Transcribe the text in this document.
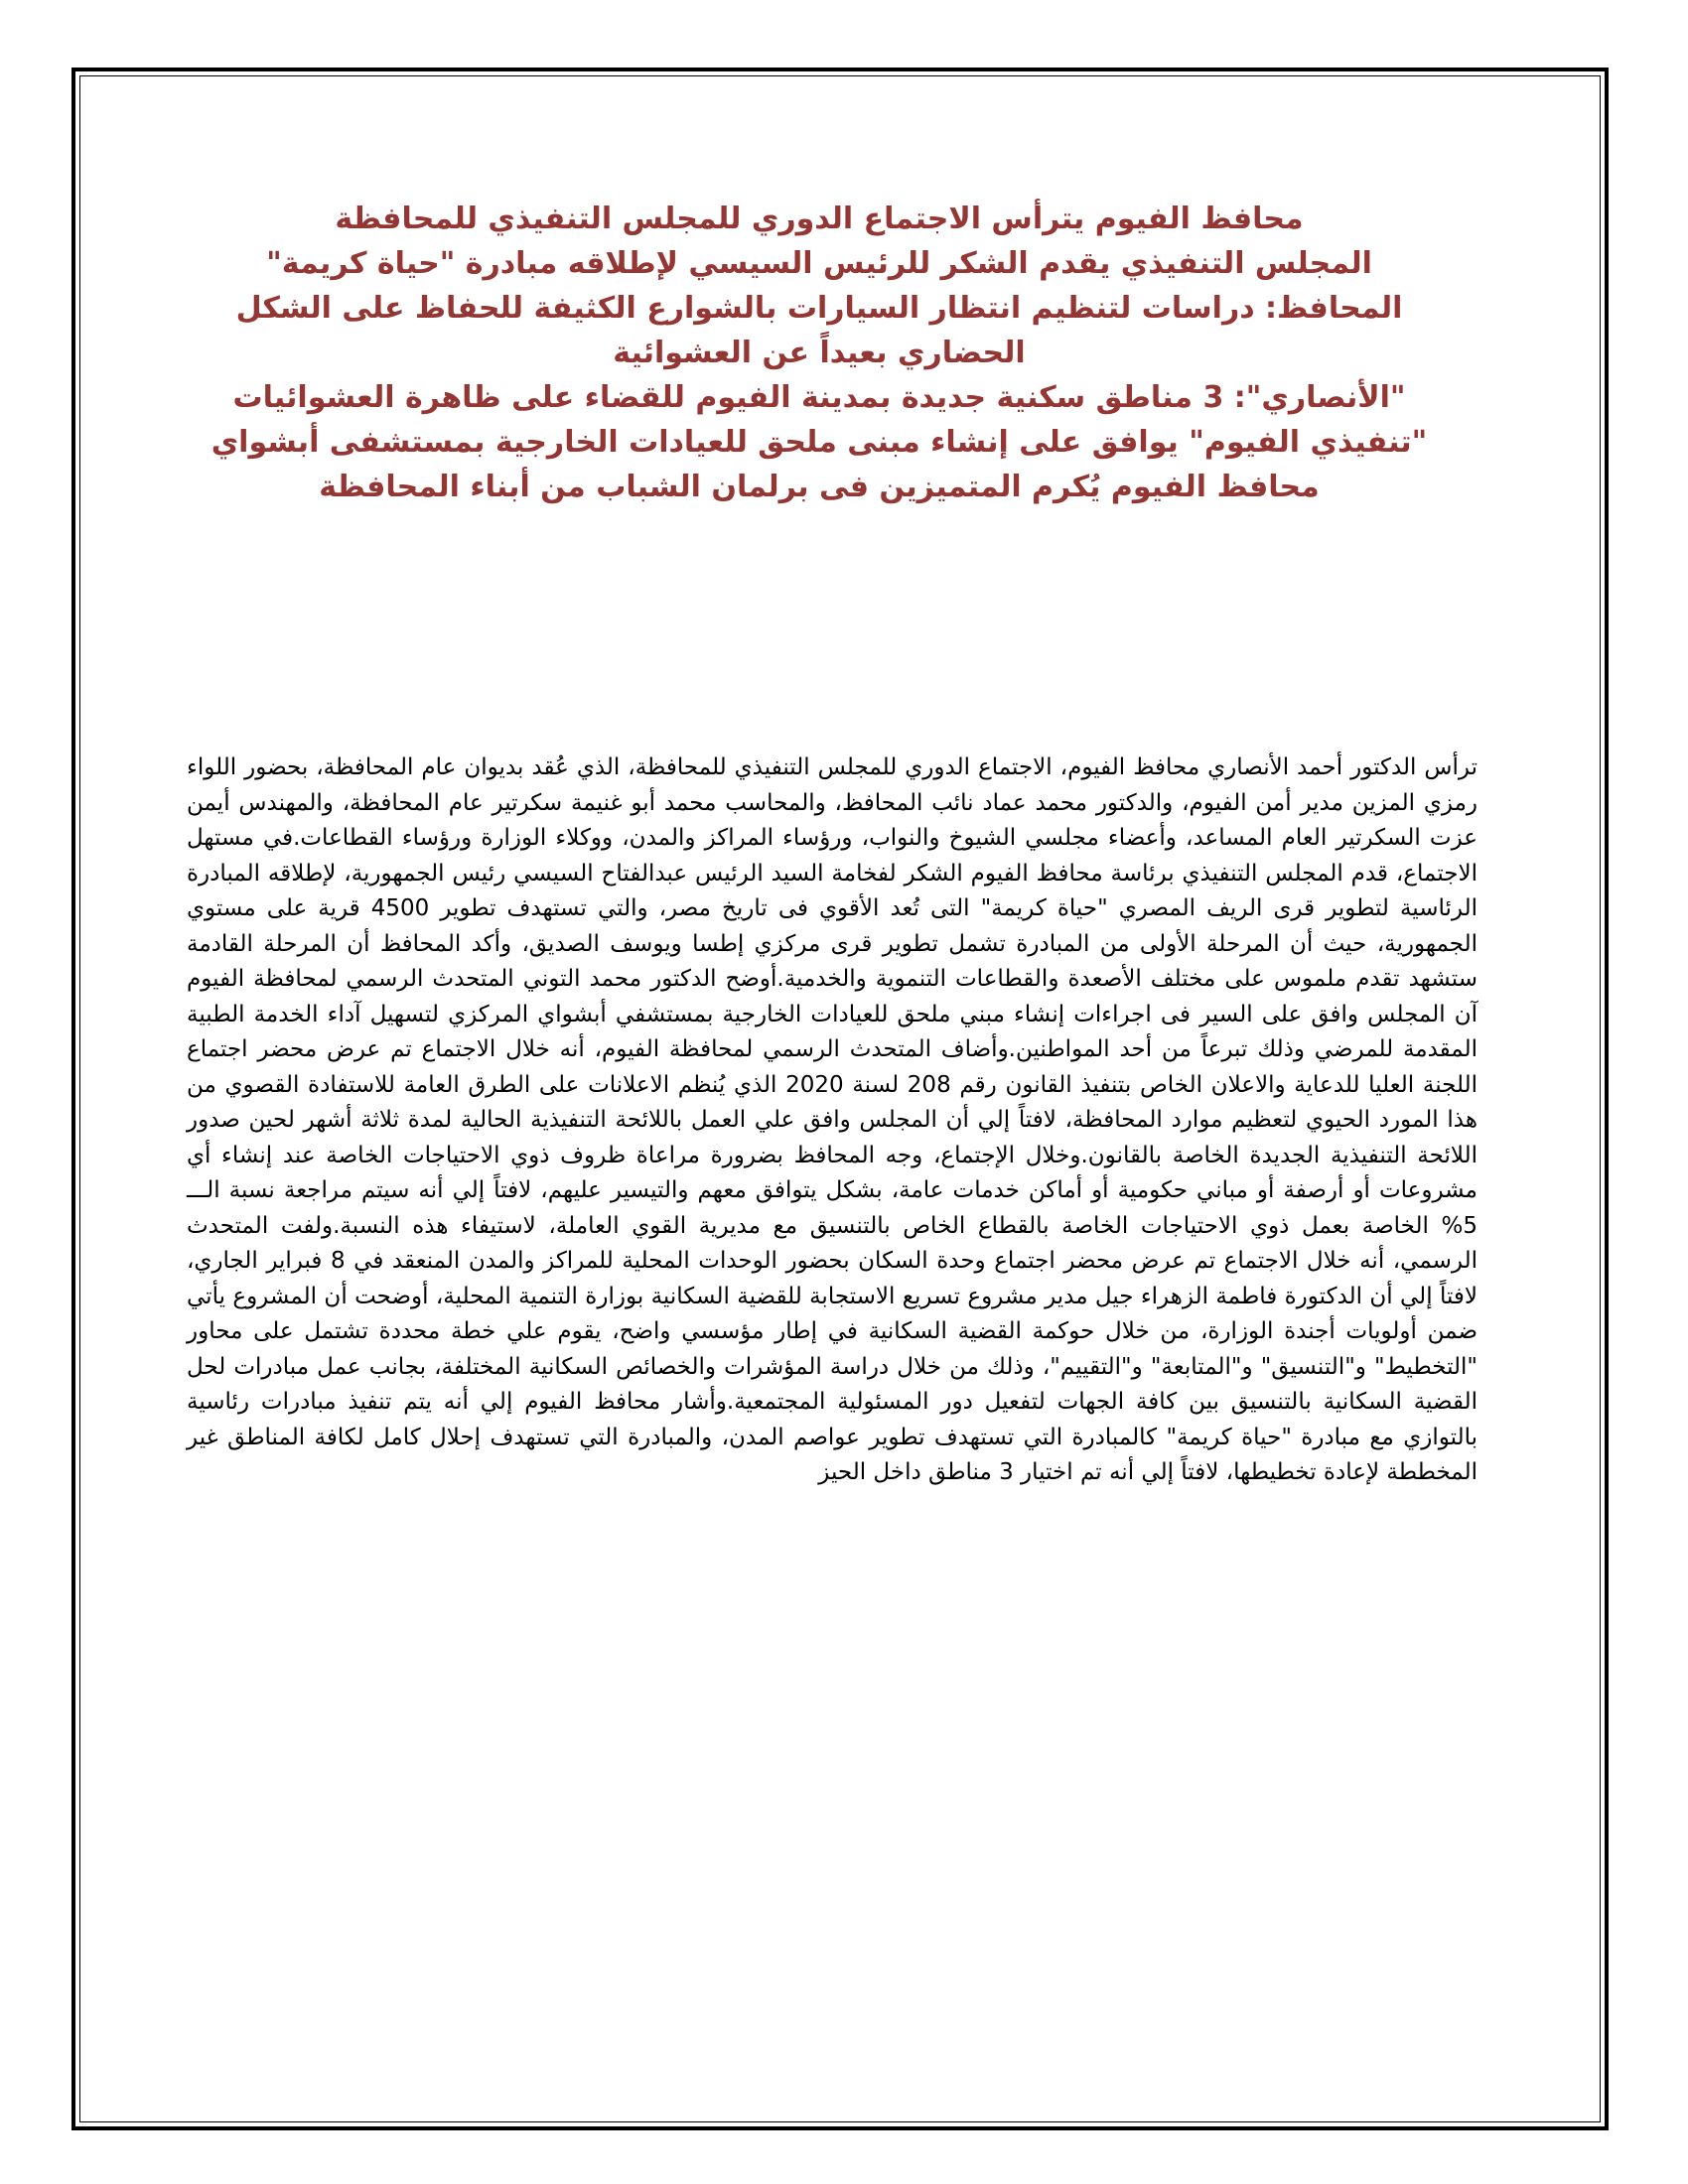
محافظ الفيوم يترأس الاجتماع الدوري للمجلس التنفيذي للمحافظة
المجلس التنفيذي يقدم الشكر للرئيس السيسي لإطلاقه مبادرة "حياة كريمة"
المحافظ: دراسات لتنظيم انتظار السيارات بالشوارع الكثيفة للحفاظ على الشكل الحضاري بعيداً عن العشوائية
"الأنصاري": 3 مناطق سكنية جديدة بمدينة الفيوم للقضاء على ظاهرة العشوائيات
"تنفيذي الفيوم" يوافق على إنشاء مبنى ملحق للعيادات الخارجية بمستشفى أبشواي
محافظ الفيوم يُكرم المتميزين فى برلمان الشباب من أبناء المحافظة

ترأس الدكتور أحمد الأنصاري محافظ الفيوم، الاجتماع الدوري للمجلس التنفيذي للمحافظة، الذي عُقد بديوان عام المحافظة، بحضور اللواء رمزي المزين مدير أمن الفيوم، والدكتور محمد عماد نائب المحافظ، والمحاسب محمد أبو غنيمة سكرتير عام المحافظة، والمهندس أيمن عزت السكرتير العام المساعد، وأعضاء مجلسي الشيوخ والنواب، ورؤساء المراكز والمدن، ووكلاء الوزارة ورؤساء القطاعات.في مستهل الاجتماع، قدم المجلس التنفيذي برئاسة محافظ الفيوم الشكر لفخامة السيد الرئيس عبدالفتاح السيسي رئيس الجمهورية، لإطلاقه المبادرة الرئاسية لتطوير قرى الريف المصري "حياة كريمة" التى تُعد الأقوي فى تاريخ مصر، والتي تستهدف تطوير 4500 قرية على مستوي الجمهورية، حيث أن المرحلة الأولى من المبادرة تشمل تطوير قرى مركزي إطسا ويوسف الصديق، وأكد المحافظ أن المرحلة القادمة ستشهد تقدم ملموس على مختلف الأصعدة والقطاعات التنموية والخدمية.أوضح الدكتور محمد التوني المتحدث الرسمي لمحافظة الفيوم آن المجلس وافق على السير فى اجراءات إنشاء مبني ملحق للعيادات الخارجية بمستشفي أبشواي المركزي لتسهيل آداء الخدمة الطبية المقدمة للمرضي وذلك تبرعاً من أحد المواطنين.وأضاف المتحدث الرسمي لمحافظة الفيوم، أنه خلال الاجتماع تم عرض محضر اجتماع اللجنة العليا للدعاية والاعلان الخاص بتنفيذ القانون رقم 208 لسنة 2020 الذي يُنظم الاعلانات على الطرق العامة للاستفادة القصوي من هذا المورد الحيوي لتعظيم موارد المحافظة، لافتاً إلي أن المجلس وافق علي العمل باللائحة التنفيذية الحالية لمدة ثلاثة أشهر لحين صدور اللائحة التنفيذية الجديدة الخاصة بالقانون.وخلال الإجتماع، وجه المحافظ بضرورة مراعاة ظروف ذوي الاحتياجات الخاصة عند إنشاء أي مشروعات أو أرصفة أو مباني حكومية أو أماكن خدمات عامة، بشكل يتوافق معهم والتيسير عليهم، لافتاً إلي أنه سيتم مراجعة نسبة الـــ 5% الخاصة بعمل ذوي الاحتياجات الخاصة بالقطاع الخاص بالتنسيق مع مديرية القوي العاملة، لاستيفاء هذه النسبة.ولفت المتحدث الرسمي، أنه خلال الاجتماع تم عرض محضر اجتماع وحدة السكان بحضور الوحدات المحلية للمراكز والمدن المنعقد في 8 فبراير الجاري، لافتاً إلي أن الدكتورة فاطمة الزهراء جيل مدير مشروع تسريع الاستجابة للقضية السكانية بوزارة التنمية المحلية، أوضحت أن المشروع يأتي ضمن أولويات أجندة الوزارة، من خلال حوكمة القضية السكانية في إطار مؤسسي واضح، يقوم علي خطة محددة تشتمل على محاور "التخطيط" و"التنسيق" و"المتابعة" و"التقييم"، وذلك من خلال دراسة المؤشرات والخصائص السكانية المختلفة، بجانب عمل مبادرات لحل القضية السكانية بالتنسيق بين كافة الجهات لتفعيل دور المسئولية المجتمعية.وأشار محافظ الفيوم إلي أنه يتم تنفيذ مبادرات رئاسية بالتوازي مع مبادرة "حياة كريمة" كالمبادرة التي تستهدف تطوير عواصم المدن، والمبادرة التي تستهدف إحلال كامل لكافة المناطق غير المخططة لإعادة تخطيطها، لافتاً إلي أنه تم اختيار 3 مناطق داخل الحيز
